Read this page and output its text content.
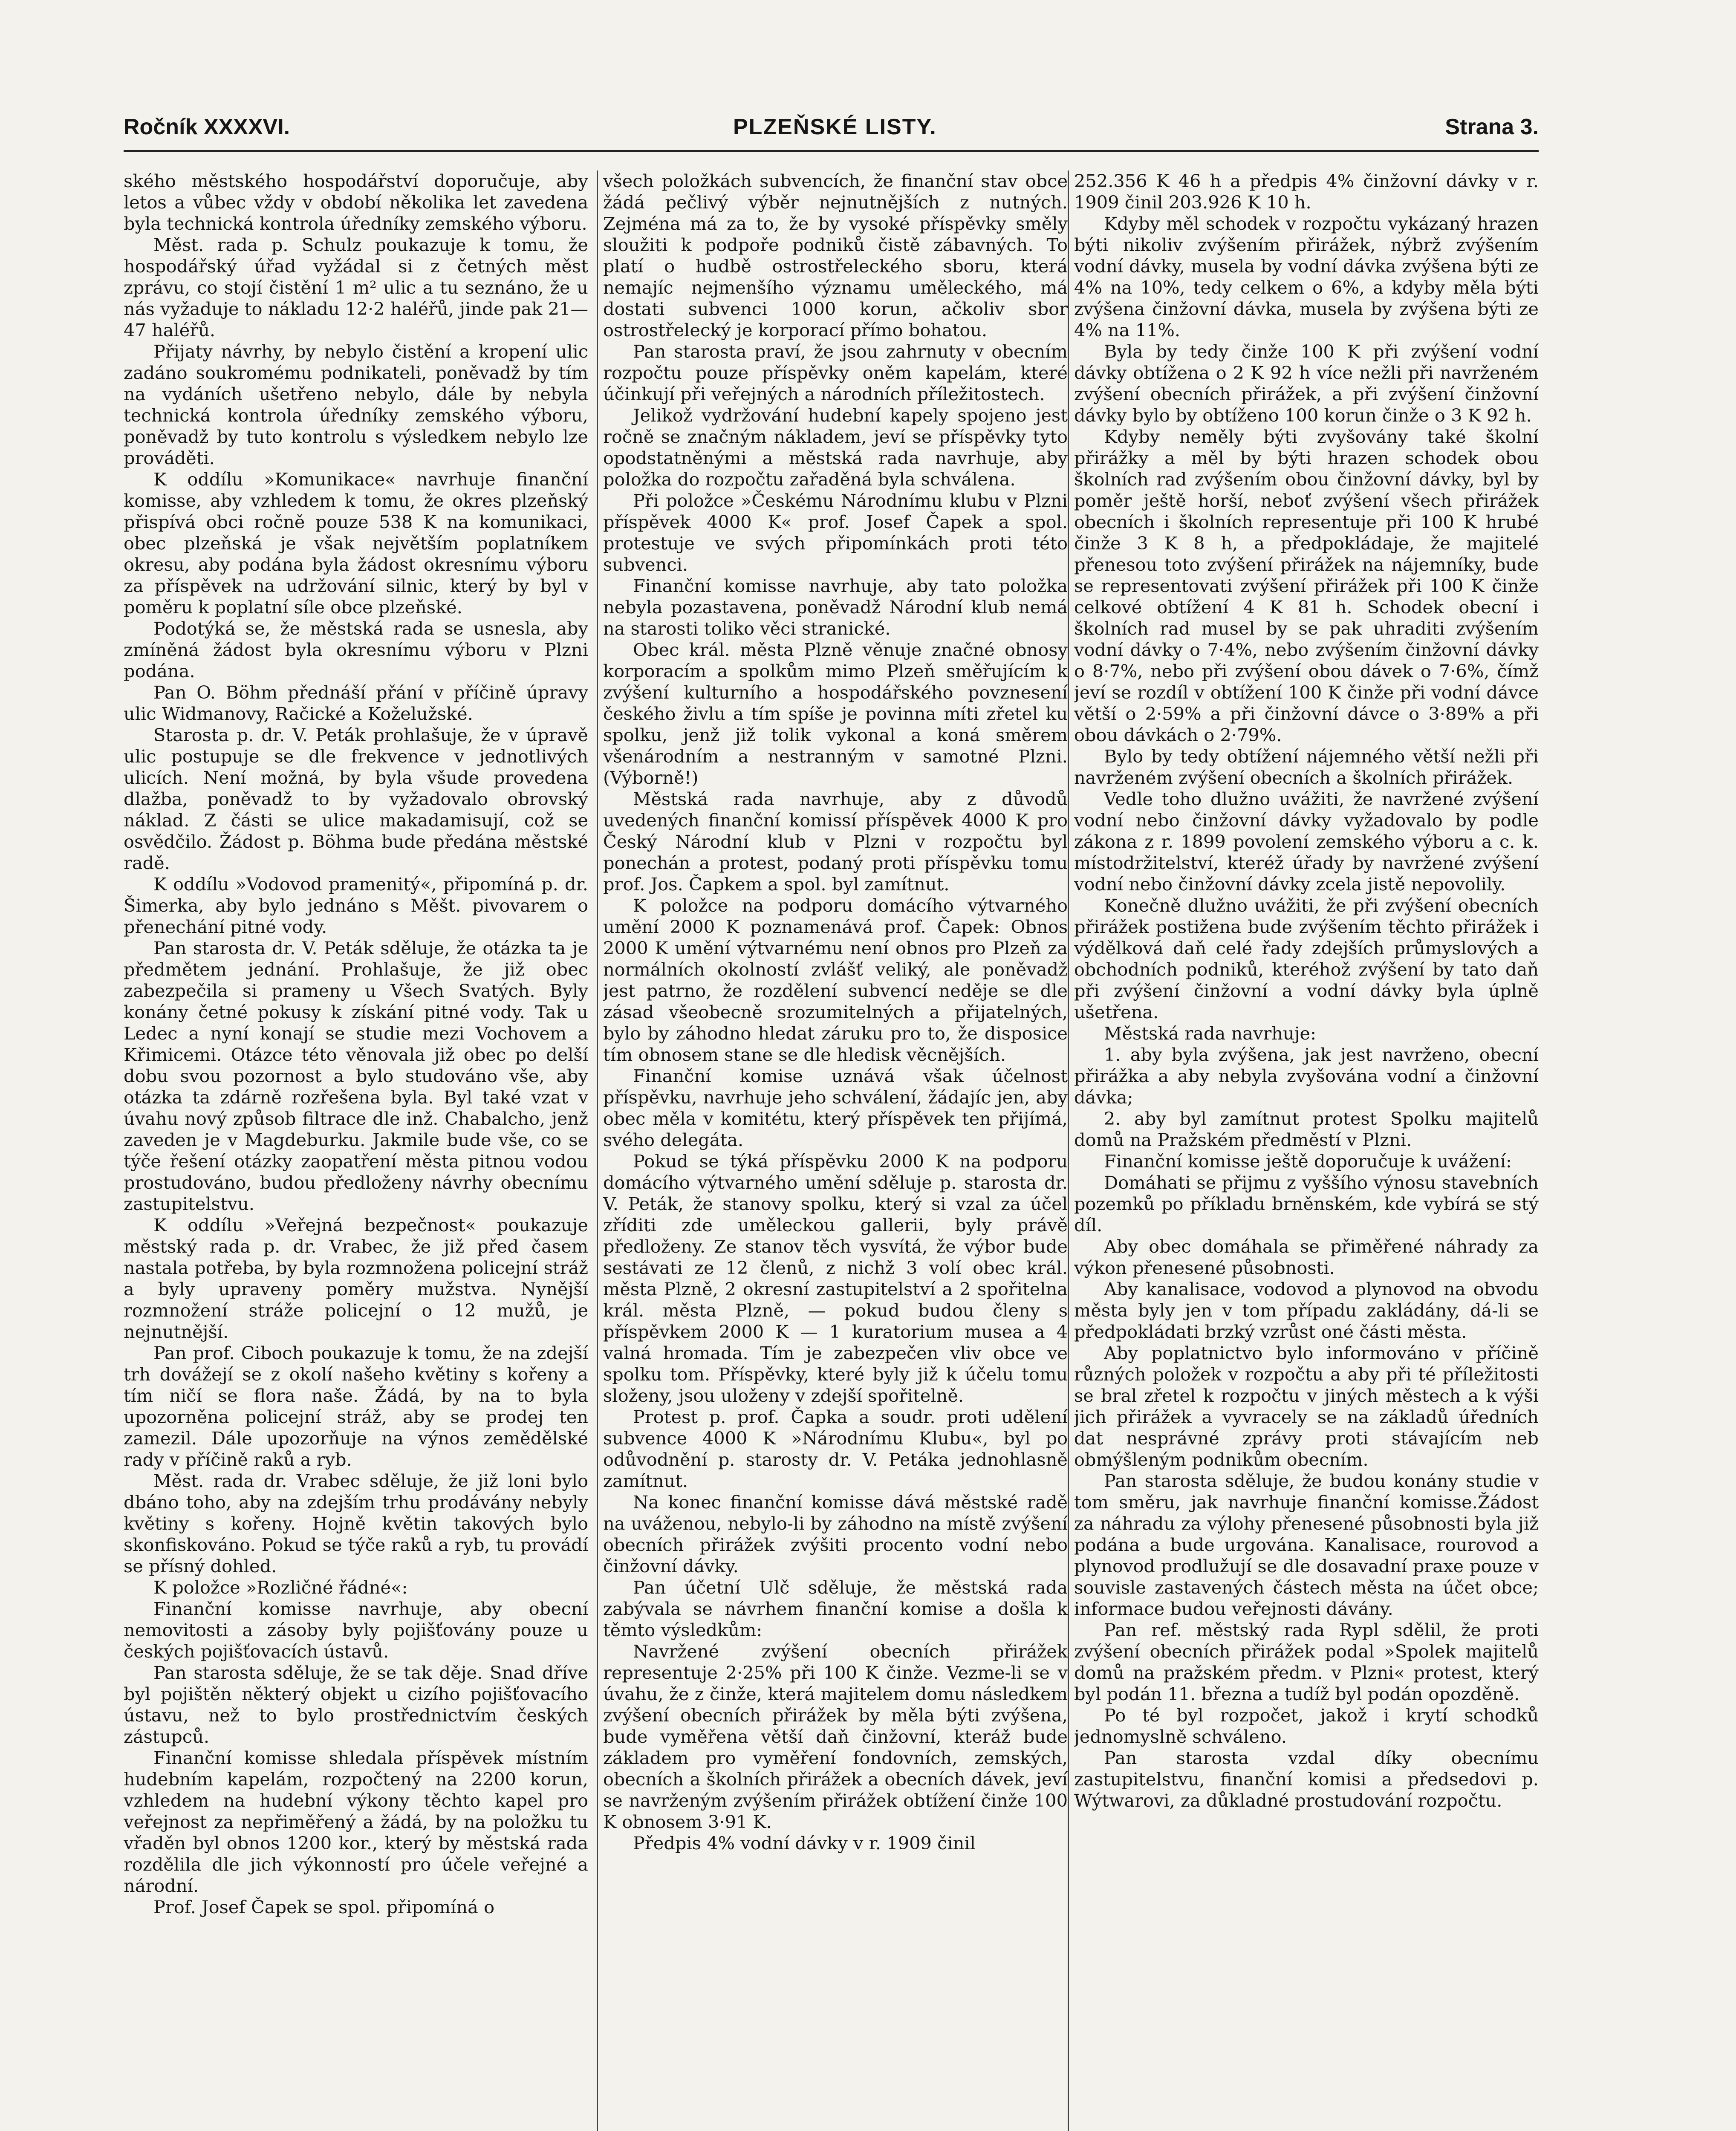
Ročník XXXXVI.	PLZEŇSKÉ LISTY.	Strana 3.

ského městského hospodářství doporučuje, aby letos a vůbec vždy v období několika let zavedena byla technická kontrola úředníky zemského výboru.

Měst. rada p. Schulz poukazuje k tomu, že hospodářský úřad vyžádal si z četných měst zprávu, co stojí čistění 1 m² ulic a tu seznáno, že u nás vyžaduje to nákladu 12·2 haléřů, jinde pak 21—47 haléřů.

Přijaty návrhy, by nebylo čistění a kropení ulic zadáno soukromému podnikateli, poněvadž by tím na vydáních ušetřeno nebylo, dále by nebyla technická kontrola úředníky zemského výboru, poněvadž by tuto kontrolu s výsledkem nebylo lze prováděti.

K oddílu »Komunikace« navrhuje finanční komisse, aby vzhledem k tomu, že okres plzeňský přispívá obci ročně pouze 538 K na komunikaci, obec plzeňská je však největším poplatníkem okresu, aby podána byla žádost okresnímu výboru za příspěvek na udržování silnic, který by byl v poměru k poplatní síle obce plzeňské.

Podotýká se, že městská rada se usnesla, aby zmíněná žádost byla okresnímu výboru v Plzni podána.

Pan O. Böhm přednáší přání v příčině úpravy ulic Widmanovy, Račické a Koželužské.

Starosta p. dr. V. Peták prohlašuje, že v úpravě ulic postupuje se dle frekvence v jednotlivých ulicích. Není možná, by byla všude provedena dlažba, poněvadž to by vyžadovalo obrovský náklad. Z části se ulice makadamisují, což se osvědčilo. Žádost p. Böhma bude předána městské radě.

K oddílu »Vodovod pramenitý«, připomíná p. dr. Šimerka, aby bylo jednáno s Měšt. pivovarem o přenechání pitné vody.

Pan starosta dr. V. Peták sděluje, že otázka ta je předmětem jednání. Prohlašuje, že již obec zabezpečila si prameny u Všech Svatých. Byly konány četné pokusy k získání pitné vody. Tak u Ledec a nyní konají se studie mezi Vochovem a Křimicemi. Otázce této věnovala již obec po delší dobu svou pozornost a bylo studováno vše, aby otázka ta zdárně rozřešena byla. Byl také vzat v úvahu nový způsob filtrace dle inž. Chabalcho, jenž zaveden je v Magdeburku. Jakmile bude vše, co se týče řešení otázky zaopatření města pitnou vodou prostudováno, budou předloženy návrhy obecnímu zastupitelstvu.

K oddílu »Veřejná bezpečnost« poukazuje městský rada p. dr. Vrabec, že již před časem nastala potřeba, by byla rozmnožena policejní stráž a byly upraveny poměry mužstva. Nynější rozmnožení stráže policejní o 12 mužů, je nejnutnější.

Pan prof. Ciboch poukazuje k tomu, že na zdejší trh dovážejí se z okolí našeho květiny s kořeny a tím ničí se flora naše. Žádá, by na to byla upozorněna policejní stráž, aby se prodej ten zamezil. Dále upozorňuje na výnos zemědělské rady v příčině raků a ryb.

Měst. rada dr. Vrabec sděluje, že již loni bylo dbáno toho, aby na zdejším trhu prodávány nebyly květiny s kořeny. Hojně květin takových bylo skonfiskováno. Pokud se týče raků a ryb, tu provádí se přísný dohled.

K položce »Rozličné řádné«:

Finanční komisse navrhuje, aby obecní nemovitosti a zásoby byly pojišťovány pouze u českých pojišťovacích ústavů.

Pan starosta sděluje, že se tak děje. Snad dříve byl pojištěn některý objekt u cizího pojišťovacího ústavu, než to bylo prostřednictvím českých zástupců.

Finanční komisse shledala příspěvek místním hudebním kapelám, rozpočtený na 2200 korun, vzhledem na hudební výkony těchto kapel pro veřejnost za nepřiměřený a žádá, by na položku tu vřaděn byl obnos 1200 kor., který by městská rada rozdělila dle jich výkonností pro účele veřejné a národní.

Prof. Josef Čapek se spol. připomíná o

všech položkách subvencích, že finanční stav obce žádá pečlivý výběr nejnutnějších z nutných. Zejména má za to, že by vysoké příspěvky směly sloužiti k podpoře podniků čistě zábavných. To platí o hudbě ostrostřeleckého sboru, která nemajíc nejmenšího významu uměleckého, má dostati subvenci 1000 korun, ačkoliv sbor ostrostřelecký je korporací přímo bohatou.

Pan starosta praví, že jsou zahrnuty v obecním rozpočtu pouze příspěvky oněm kapelám, které účinkují při veřejných a národních příležitostech.

Jelikož vydržování hudební kapely spojeno jest ročně se značným nákladem, jeví se příspěvky tyto opodstatněnými a městská rada navrhuje, aby položka do rozpočtu zařaděná byla schválena.

Při položce »Českému Národnímu klubu v Plzni příspěvek 4000 K« prof. Josef Čapek a spol. protestuje ve svých připomínkách proti této subvenci.

Finanční komisse navrhuje, aby tato položka nebyla pozastavena, poněvadž Národní klub nemá na starosti toliko věci stranické.

Obec král. města Plzně věnuje značné obnosy korporacím a spolkům mimo Plzeň směřujícím k zvýšení kulturního a hospodářského povznesení českého živlu a tím spíše je povinna míti zřetel ku spolku, jenž již tolik vykonal a koná směrem všenárodním a nestranným v samotné Plzni. (Výborně!)

Městská rada navrhuje, aby z důvodů uvedených finanční komissí příspěvek 4000 K pro Český Národní klub v Plzni v rozpočtu byl ponechán a protest, podaný proti příspěvku tomu prof. Jos. Čapkem a spol. byl zamítnut.

K položce na podporu domácího výtvarného umění 2000 K poznamenává prof. Čapek: Obnos 2000 K umění výtvarnému není obnos pro Plzeň za normálních okolností zvlášť veliký, ale poněvadž jest patrno, že rozdělení subvencí neděje se dle zásad všeobecně srozumitelných a přijatelných, bylo by záhodno hledat záruku pro to, že disposice tím obnosem stane se dle hledisk věcnějších.

Finanční komise uznává však účelnost příspěvku, navrhuje jeho schválení, žádajíc jen, aby obec měla v komitétu, který příspěvek ten přijímá, svého delegáta.

Pokud se týká příspěvku 2000 K na podporu domácího výtvarného umění sděluje p. starosta dr. V. Peták, že stanovy spolku, který si vzal za účel zříditi zde uměleckou gallerii, byly právě předloženy. Ze stanov těch vysvítá, že výbor bude sestávati ze 12 členů, z nichž 3 volí obec král. města Plzně, 2 okresní zastupitelství a 2 spořitelna král. města Plzně, — pokud budou členy s příspěvkem 2000 K — 1 kuratorium musea a 4 valná hromada. Tím je zabezpečen vliv obce ve spolku tom. Příspěvky, které byly již k účelu tomu složeny, jsou uloženy v zdejší spořitelně.

Protest p. prof. Čapka a soudr. proti udělení subvence 4000 K »Národnímu Klubu«, byl po odůvodnění p. starosty dr. V. Petáka jednohlasně zamítnut.

Na konec finanční komisse dává městské radě na uváženou, nebylo-li by záhodno na místě zvýšení obecních přirážek zvýšiti procento vodní nebo činžovní dávky.

Pan účetní Ulč sděluje, že městská rada zabývala se návrhem finanční komise a došla k těmto výsledkům:

Navržené zvýšení obecních přirážek representuje 2·25% při 100 K činže. Vezme-li se v úvahu, že z činže, která majitelem domu následkem zvýšení obecních přirážek by měla býti zvýšena, bude vyměřena větší daň činžovní, kteráž bude základem pro vyměření fondovních, zemských, obecních a školních přirážek a obecních dávek, jeví se navrženým zvýšením přirážek obtížení činže 100 K obnosem 3·91 K.

Předpis 4% vodní dávky v r. 1909 činil

252.356 K 46 h a předpis 4% činžovní dávky v r. 1909 činil 203.926 K 10 h.

Kdyby měl schodek v rozpočtu vykázaný hrazen býti nikoliv zvýšením přirážek, nýbrž zvýšením vodní dávky, musela by vodní dávka zvýšena býti ze 4% na 10%, tedy celkem o 6%, a kdyby měla býti zvýšena činžovní dávka, musela by zvýšena býti ze 4% na 11%.

Byla by tedy činže 100 K při zvýšení vodní dávky obtížena o 2 K 92 h více nežli při navrženém zvýšení obecních přirážek, a při zvýšení činžovní dávky bylo by obtíženo 100 korun činže o 3 K 92 h.

Kdyby neměly býti zvyšovány také školní přirážky a měl by býti hrazen schodek obou školních rad zvýšením obou činžovní dávky, byl by poměr ještě horší, neboť zvýšení všech přirážek obecních i školních representuje při 100 K hrubé činže 3 K 8 h, a předpokládaje, že majitelé přenesou toto zvýšení přirážek na nájemníky, bude se representovati zvýšení přirážek při 100 K činže celkové obtížení 4 K 81 h. Schodek obecní i školních rad musel by se pak uhraditi zvýšením vodní dávky o 7·4%, nebo zvýšením činžovní dávky o 8·7%, nebo při zvýšení obou dávek o 7·6%, čímž jeví se rozdíl v obtížení 100 K činže při vodní dávce větší o 2·59% a při činžovní dávce o 3·89% a při obou dávkách o 2·79%.

Bylo by tedy obtížení nájemného větší nežli při navrženém zvýšení obecních a školních přirážek.

Vedle toho dlužno uvážiti, že navržené zvýšení vodní nebo činžovní dávky vyžadovalo by podle zákona z r. 1899 povolení zemského výboru a c. k. místodržitelství, kteréž úřady by navržené zvýšení vodní nebo činžovní dávky zcela jistě nepovolily.

Konečně dlužno uvážiti, že při zvýšení obecních přirážek postižena bude zvýšením těchto přirážek i výdělková daň celé řady zdejších průmyslových a obchodních podniků, kteréhož zvýšení by tato daň při zvýšení činžovní a vodní dávky byla úplně ušetřena.

Městská rada navrhuje:

1. aby byla zvýšena, jak jest navrženo, obecní přirážka a aby nebyla zvyšována vodní a činžovní dávka;

2. aby byl zamítnut protest Spolku majitelů domů na Pražském předměstí v Plzni.

Finanční komisse ještě doporučuje k uvážení:

Domáhati se přijmu z vyššího výnosu stavebních pozemků po příkladu brněnském, kde vybírá se stý díl.

Aby obec domáhala se přiměřené náhrady za výkon přenesené působnosti.

Aby kanalisace, vodovod a plynovod na obvodu města byly jen v tom případu zakládány, dá-li se předpokládati brzký vzrůst oné části města.

Aby poplatnictvo bylo informováno v příčině různých položek v rozpočtu a aby při té příležitosti se bral zřetel k rozpočtu v jiných městech a k výši jich přirážek a vyvracely se na základů úředních dat nesprávné zprávy proti stávajícím neb obmýšleným podnikům obecním.

Pan starosta sděluje, že budou konány studie v tom směru, jak navrhuje finanční komisse.Žádost za náhradu za výlohy přenesené působnosti byla již podána a bude urgována. Kanalisace, rourovod a plynovod prodlužují se dle dosavadní praxe pouze v souvisle zastavených částech města na účet obce; informace budou veřejnosti dávány.

Pan ref. městský rada Rypl sdělil, že proti zvýšení obecních přirážek podal »Spolek majitelů domů na pražském předm. v Plzni« protest, který byl podán 11. března a tudíž byl podán opozděně.

Po té byl rozpočet, jakož i krytí schodků jednomyslně schváleno.

Pan starosta vzdal díky obecnímu zastupitelstvu, finanční komisi a předsedovi p. Wýtwarovi, za důkladné prostudování rozpočtu.
